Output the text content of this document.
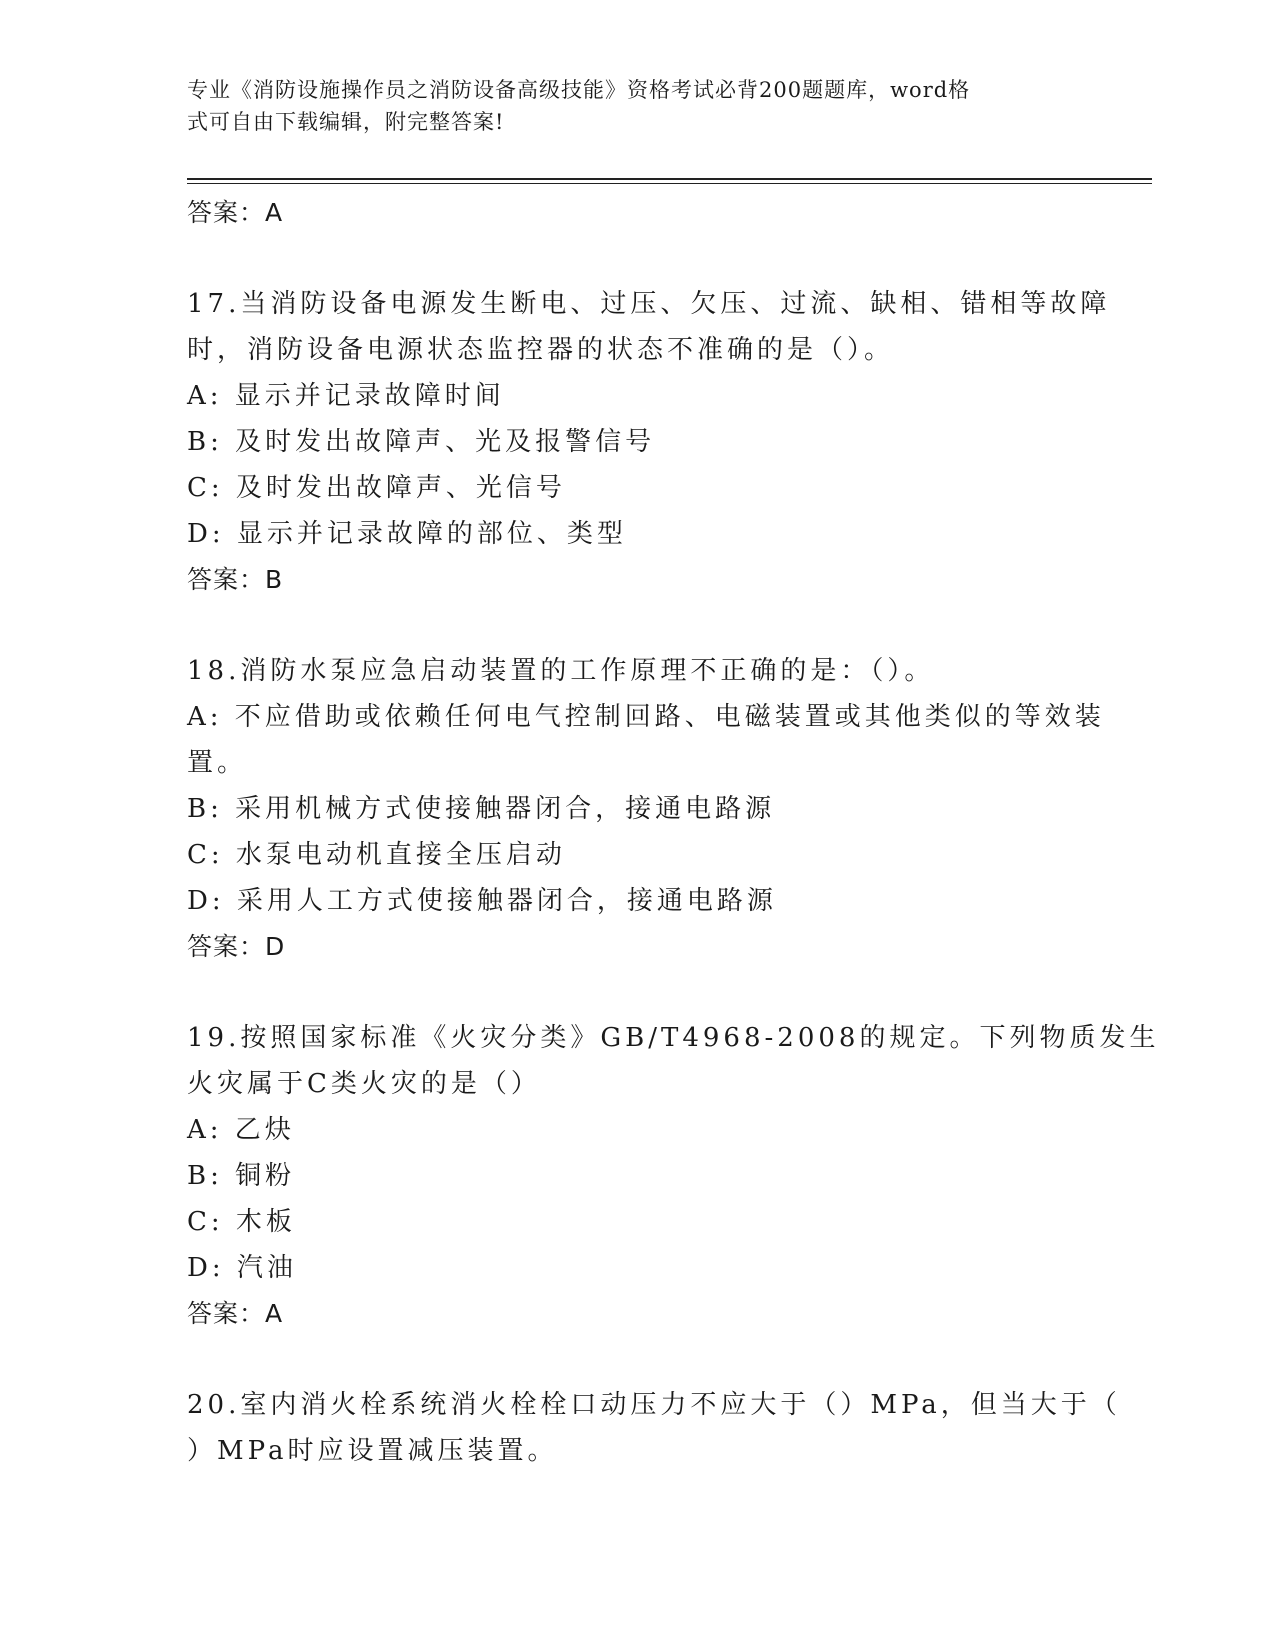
专业《消防设施操作员之消防设备高级技能》资格考试必背200题题库，word格
式可自由下载编辑，附完整答案!
答案：A
17.当消防设备电源发生断电、过压、欠压、过流、缺相、错相等故障
时，消防设备电源状态监控器的状态不准确的是（）。
A: 显示并记录故障时间
B: 及时发出故障声、光及报警信号
C: 及时发出故障声、光信号
D: 显示并记录故障的部位、类型
答案：B
18.消防水泵应急启动装置的工作原理不正确的是：（）。
A: 不应借助或依赖任何电气控制回路、电磁装置或其他类似的等效装
置。
B: 采用机械方式使接触器闭合，接通电路源
C: 水泵电动机直接全压启动
D: 采用人工方式使接触器闭合，接通电路源
答案：D
19.按照国家标准《火灾分类》GB/T4968-2008的规定。下列物质发生
火灾属于C类火灾的是（）
A: 乙炔
B: 铜粉
C: 木板
D: 汽油
答案：A
20.室内消火栓系统消火栓栓口动压力不应大于（）MPa，但当大于（
）MPa时应设置减压装置。
